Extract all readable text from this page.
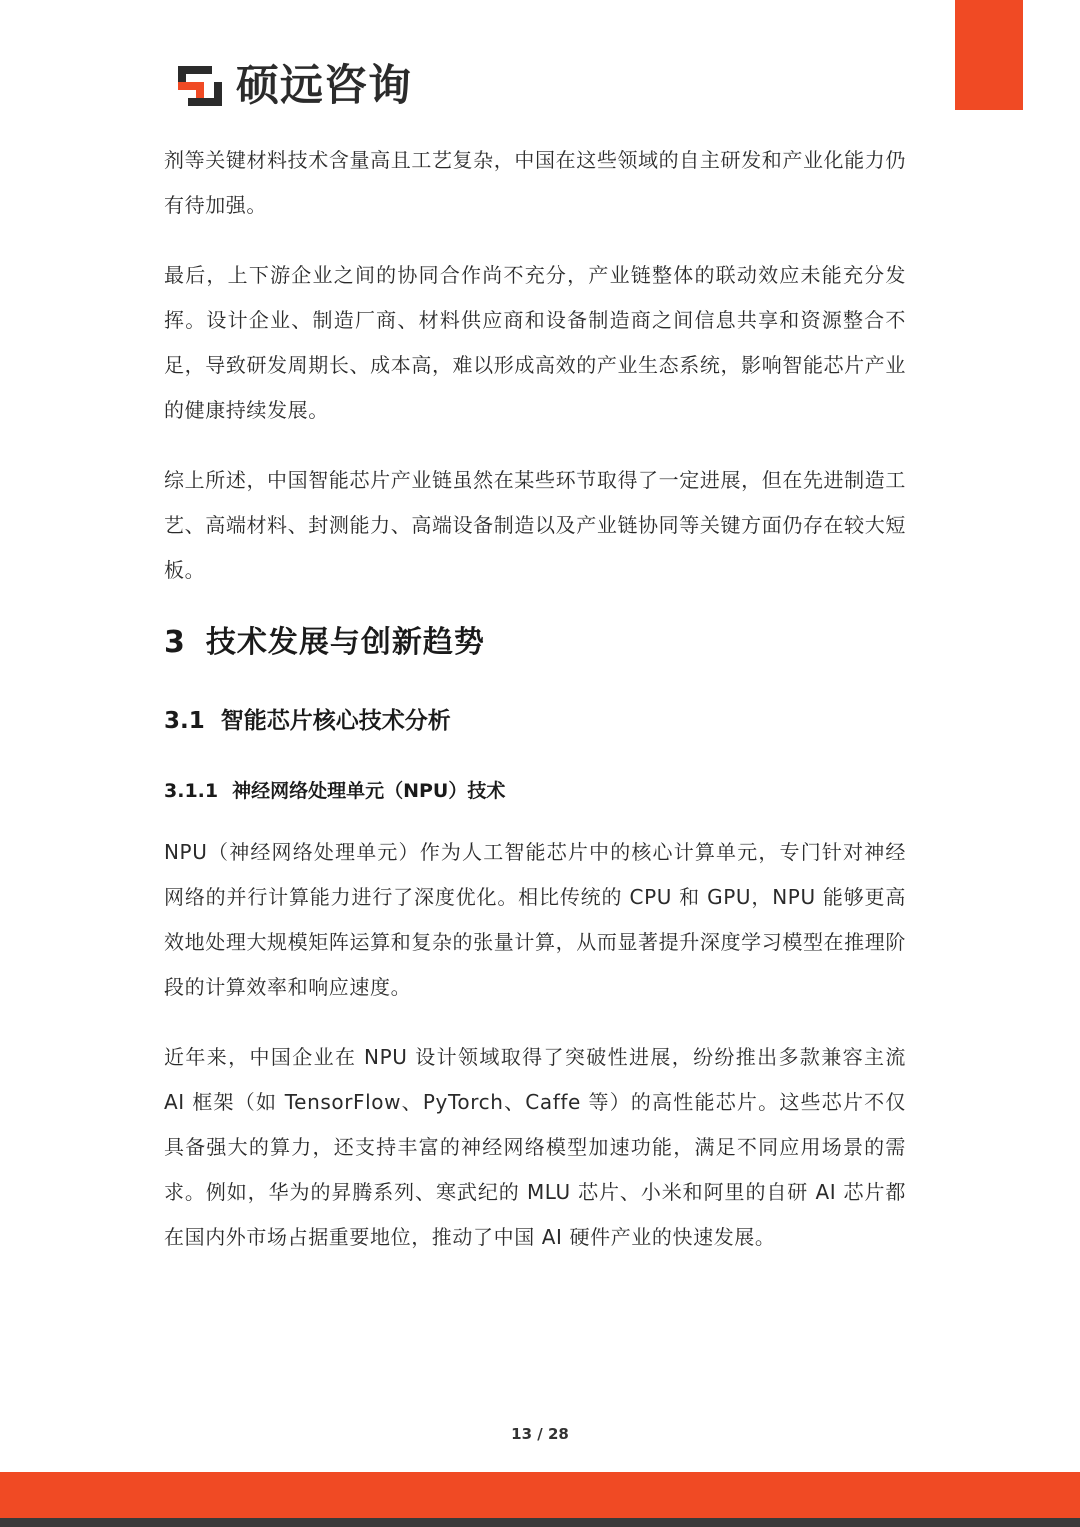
硕远咨询

剂等关键材料技术含量高且工艺复杂，中国在这些领域的自主研发和产业化能力仍有待加强。

最后，上下游企业之间的协同合作尚不充分，产业链整体的联动效应未能充分发挥。设计企业、制造厂商、材料供应商和设备制造商之间信息共享和资源整合不足，导致研发周期长、成本高，难以形成高效的产业生态系统，影响智能芯片产业的健康持续发展。

综上所述，中国智能芯片产业链虽然在某些环节取得了一定进展，但在先进制造工艺、高端材料、封测能力、高端设备制造以及产业链协同等关键方面仍存在较大短板。

3 技术发展与创新趋势
3.1 智能芯片核心技术分析
3.1.1 神经网络处理单元（NPU）技术

NPU（神经网络处理单元）作为人工智能芯片中的核心计算单元，专门针对神经网络的并行计算能力进行了深度优化。相比传统的 CPU 和 GPU，NPU 能够更高效地处理大规模矩阵运算和复杂的张量计算，从而显著提升深度学习模型在推理阶段的计算效率和响应速度。

近年来，中国企业在 NPU 设计领域取得了突破性进展，纷纷推出多款兼容主流 AI 框架（如 TensorFlow、PyTorch、Caffe 等）的高性能芯片。这些芯片不仅具备强大的算力，还支持丰富的神经网络模型加速功能，满足不同应用场景的需求。例如，华为的昇腾系列、寒武纪的 MLU 芯片、小米和阿里的自研 AI 芯片都在国内外市场占据重要地位，推动了中国 AI 硬件产业的快速发展。

13 / 28
